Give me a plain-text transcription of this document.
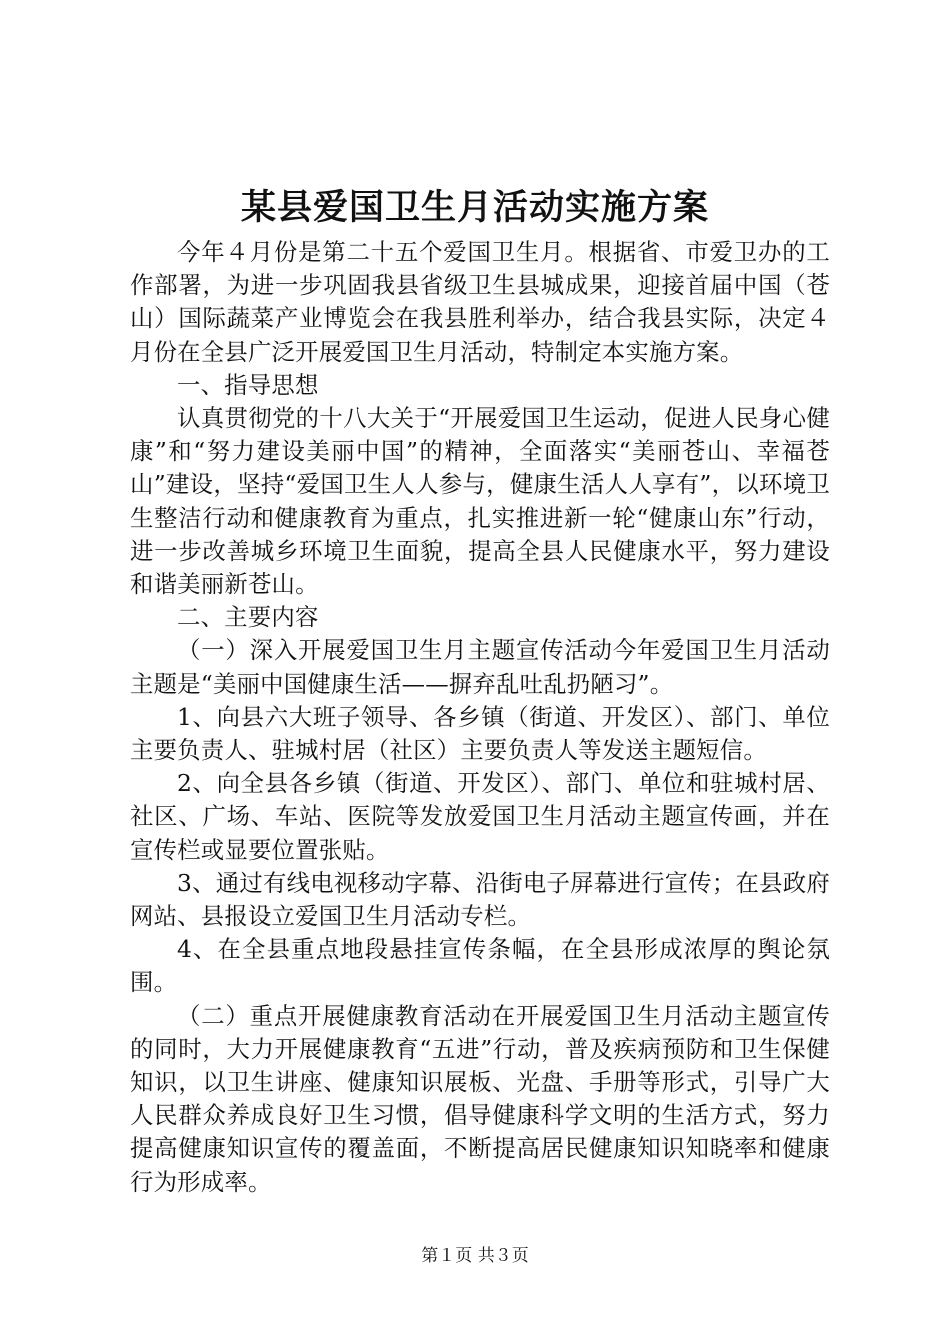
某县爱国卫生月活动实施方案

今年４月份是第二十五个爱国卫生月。根据省、市爱卫办的工作部署，为进一步巩固我县省级卫生县城成果，迎接首届中国（苍山）国际蔬菜产业博览会在我县胜利举办，结合我县实际，决定４月份在全县广泛开展爱国卫生月活动，特制定本实施方案。

一、指导思想

认真贯彻党的十八大关于“开展爱国卫生运动，促进人民身心健康”和“努力建设美丽中国”的精神，全面落实“美丽苍山、幸福苍山”建设，坚持“爱国卫生人人参与，健康生活人人享有”，以环境卫生整洁行动和健康教育为重点，扎实推进新一轮“健康山东”行动，进一步改善城乡环境卫生面貌，提高全县人民健康水平，努力建设和谐美丽新苍山。

二、主要内容

（一）深入开展爱国卫生月主题宣传活动今年爱国卫生月活动主题是“美丽中国健康生活——摒弃乱吐乱扔陋习”。

1、向县六大班子领导、各乡镇（街道、开发区）、部门、单位主要负责人、驻城村居（社区）主要负责人等发送主题短信。

2、向全县各乡镇（街道、开发区）、部门、单位和驻城村居、社区、广场、车站、医院等发放爱国卫生月活动主题宣传画，并在宣传栏或显要位置张贴。

3、通过有线电视移动字幕、沿街电子屏幕进行宣传；在县政府网站、县报设立爱国卫生月活动专栏。

4、在全县重点地段悬挂宣传条幅，在全县形成浓厚的舆论氛围。

（二）重点开展健康教育活动在开展爱国卫生月活动主题宣传的同时，大力开展健康教育“五进”行动，普及疾病预防和卫生保健知识，以卫生讲座、健康知识展板、光盘、手册等形式，引导广大人民群众养成良好卫生习惯，倡导健康科学文明的生活方式，努力提高健康知识宣传的覆盖面，不断提高居民健康知识知晓率和健康行为形成率。

第１页 共３页
